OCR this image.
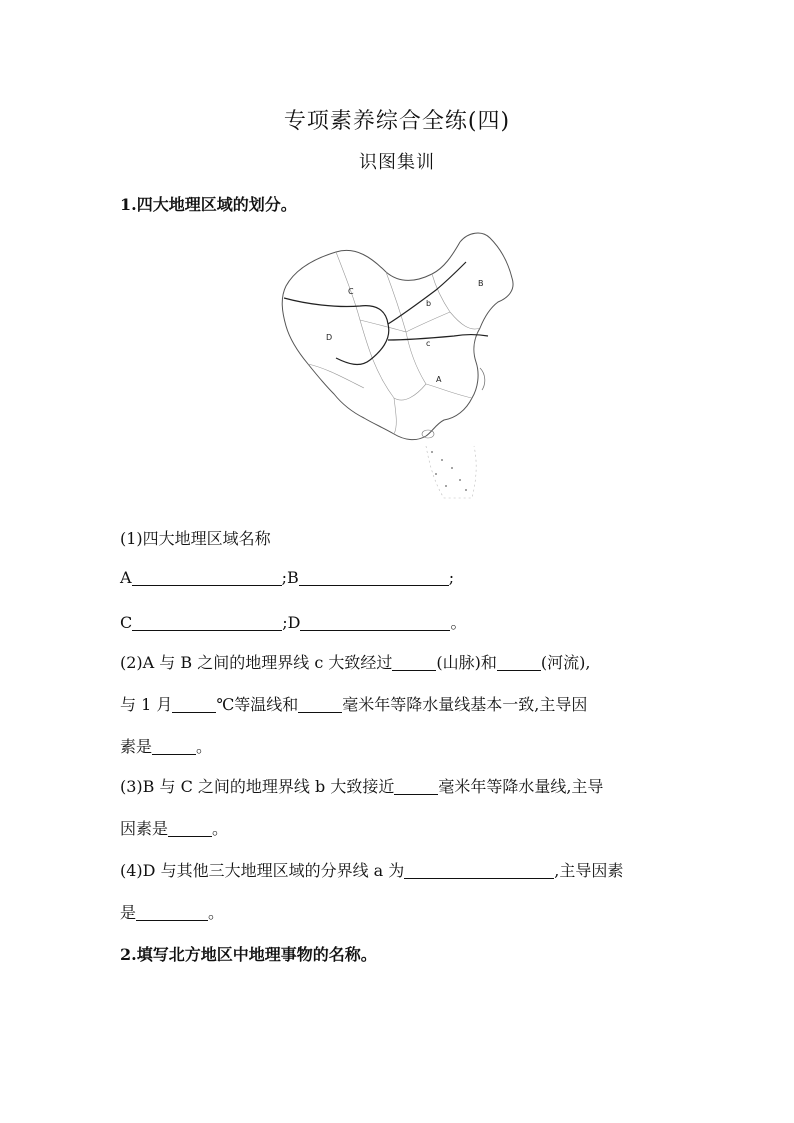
专项素养综合全练(四)
识图集训
1.四大地理区域的划分。
C
B
D
A
b
c
(1)四大地理区域名称
A	;B	;
C	;D	。
(2)A 与 B 之间的地理界线 c 大致经过	(山脉)和	(河流),
与 1 月	℃等温线和	毫米年等降水量线基本一致,主导因
素是	。
(3)B 与 C 之间的地理界线 b 大致接近	毫米年等降水量线,主导
因素是	。
(4)D 与其他三大地理区域的分界线 a 为	,主导因素
是	。
2.填写北方地区中地理事物的名称。
